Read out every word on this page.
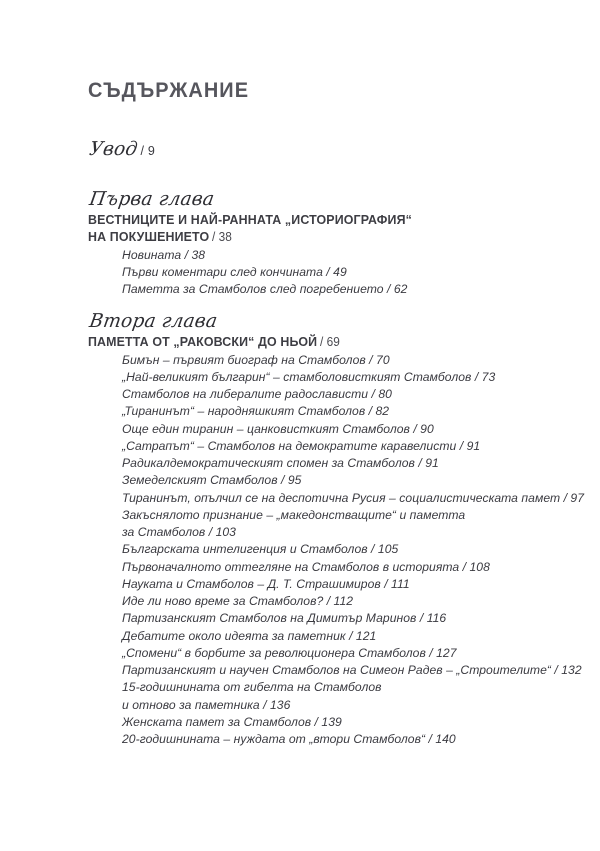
СЪДЪРЖАНИЕ
Увод/ 9
Първа глава
ВЕСТНИЦИТЕ И НАЙ-РАННАТА „ИСТОРИОГРАФИЯ“
НА ПОКУШЕНИЕТО / 38
Новината / 38
Първи коментари след кончината / 49
Паметта за Стамболов след погребението / 62
Втора глава
ПАМЕТТА ОТ „РАКОВСКИ“ ДО НЬОЙ / 69
Бимън – първият биограф на Стамболов / 70
„Най-великият българин“ – стамболовисткият Стамболов / 73
Стамболов на либералите радослависти / 80
„Тиранинът“ – народняшкият Стамболов / 82
Още един тиранин – цанковисткият Стамболов / 90
„Сатрапът“ – Стамболов на демократите каравелисти / 91
Радикалдемократическият спомен за Стамболов / 91
Земеделският Стамболов / 95
Тиранинът, опълчил се на деспотична Русия – социалистическата памет / 97
Закъснялото признание – „македонстващите“ и паметта
за Стамболов / 103
Българската интелигенция и Стамболов / 105
Първоначалното оттегляне на Стамболов в историята / 108
Науката и Стамболов – Д. Т. Страшимиров / 111
Иде ли ново време за Стамболов? / 112
Партизанският Стамболов на Димитър Маринов / 116
Дебатите около идеята за паметник / 121
„Спомени“ в борбите за революционера Стамболов / 127
Партизанският и научен Стамболов на Симеон Радев – „Строителите“ / 132
15-годишнината от гибелта на Стамболов
и отново за паметника / 136
Женската памет за Стамболов / 139
20-годишнината – нуждата от „втори Стамболов“ / 140
